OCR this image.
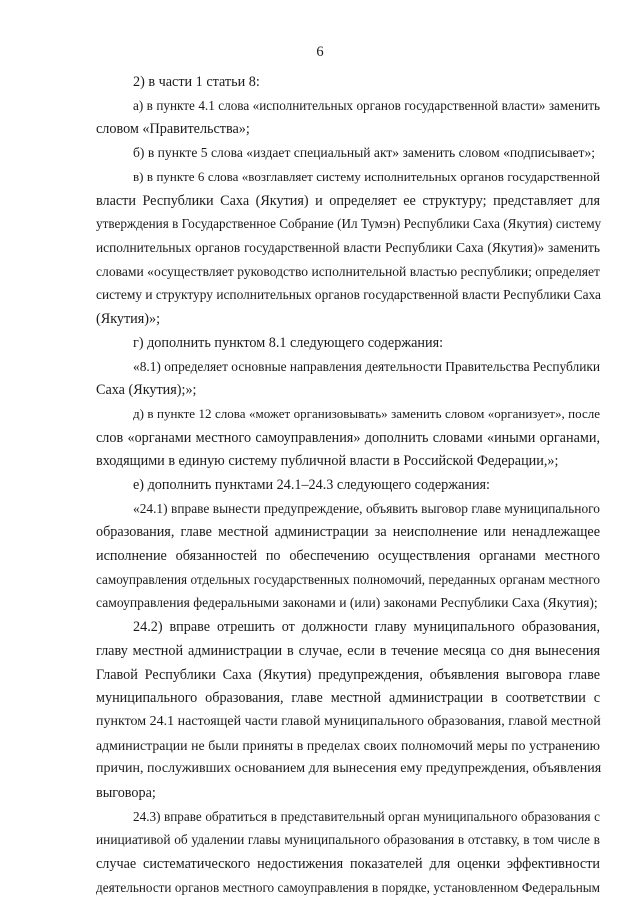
6
2) в части 1 статьи 8:
а) в пункте 4.1 слова «исполнительных органов государственной власти» заменить
словом «Правительства»;
б) в пункте 5 слова «издает специальный акт» заменить словом «подписывает»;
в) в пункте 6 слова «возглавляет систему исполнительных органов государственной
власти Республики Саха (Якутия) и определяет ее структуру; представляет для
утверждения в Государственное Собрание (Ил Тумэн) Республики Саха (Якутия) систему
исполнительных органов государственной власти Республики Саха (Якутия)» заменить
словами «осуществляет руководство исполнительной властью республики; определяет
систему и структуру исполнительных органов государственной власти Республики Саха
(Якутия)»;
г) дополнить пунктом 8.1 следующего содержания:
«8.1) определяет основные направления деятельности Правительства Республики
Саха (Якутия);»;
д) в пункте 12 слова «может организовывать» заменить словом «организует», после
слов «органами местного самоуправления» дополнить словами «иными органами,
входящими в единую систему публичной власти в Российской Федерации,»;
е) дополнить пунктами 24.1–24.3 следующего содержания:
«24.1) вправе вынести предупреждение, объявить выговор главе муниципального
образования, главе местной администрации за неисполнение или ненадлежащее
исполнение обязанностей по обеспечению осуществления органами местного
самоуправления отдельных государственных полномочий, переданных органам местного
самоуправления федеральными законами и (или) законами Республики Саха (Якутия);
24.2) вправе отрешить от должности главу муниципального образования,
главу местной администрации в случае, если в течение месяца со дня вынесения
Главой Республики Саха (Якутия) предупреждения, объявления выговора главе
муниципального образования, главе местной администрации в соответствии с
пунктом 24.1 настоящей части главой муниципального образования, главой местной
администрации не были приняты в пределах своих полномочий меры по устранению
причин, послуживших основанием для вынесения ему предупреждения, объявления
выговора;
24.3) вправе обратиться в представительный орган муниципального образования с
инициативой об удалении главы муниципального образования в отставку, в том числе в
случае систематического недостижения показателей для оценки эффективности
деятельности органов местного самоуправления в порядке, установленном Федеральным
